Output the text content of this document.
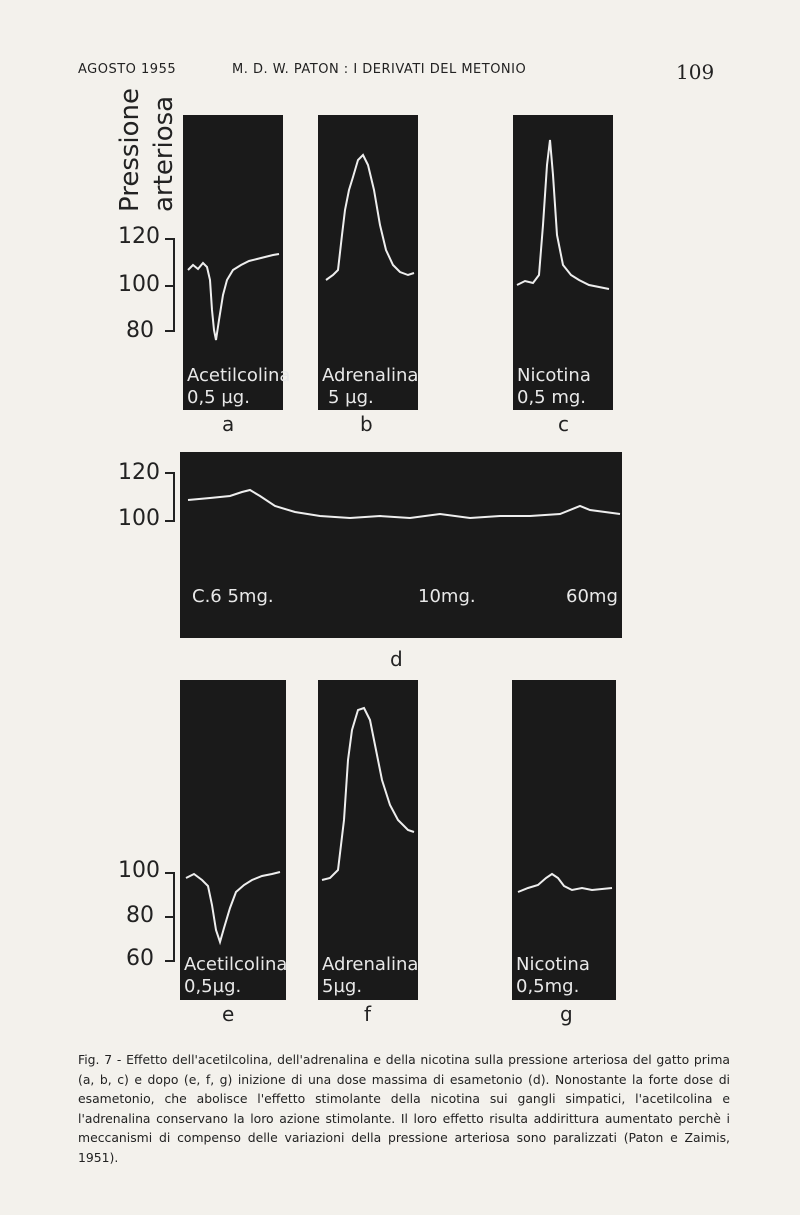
AGOSTO 1955	M. D. W. PATON : I DERIVATI DEL METONIO	109
Pressione arteriosa
120
100
80
Acetilcolina
0,5 µg.
a
Adrenalina
5 µg.
b
Nicotina
0,5 mg.
c
120
100
C.6 5mg.	10mg.	60mg
d
100
80
60 Acetilcolina
0,5µg.
e
Adrenalina
5µg.
f
Nicotina
0,5mg.
g
Fig. 7 - Effetto dell'acetilcolina, dell'adrenalina e della nicotina sulla pressione arteriosa del gatto prima (a, b, c) e dopo (e, f, g) inizione di una dose massima di esametonio (d). Nonostante la forte dose di esametonio, che abolisce l'effetto stimolante della nicotina sui gangli simpatici, l'acetilcolina e l'adrenalina conservano la loro azione stimolante. Il loro effetto risulta addirittura aumentato perchè i meccanismi di compenso delle variazioni della pressione arteriosa sono paralizzati (Paton e Zaimis, 1951).
